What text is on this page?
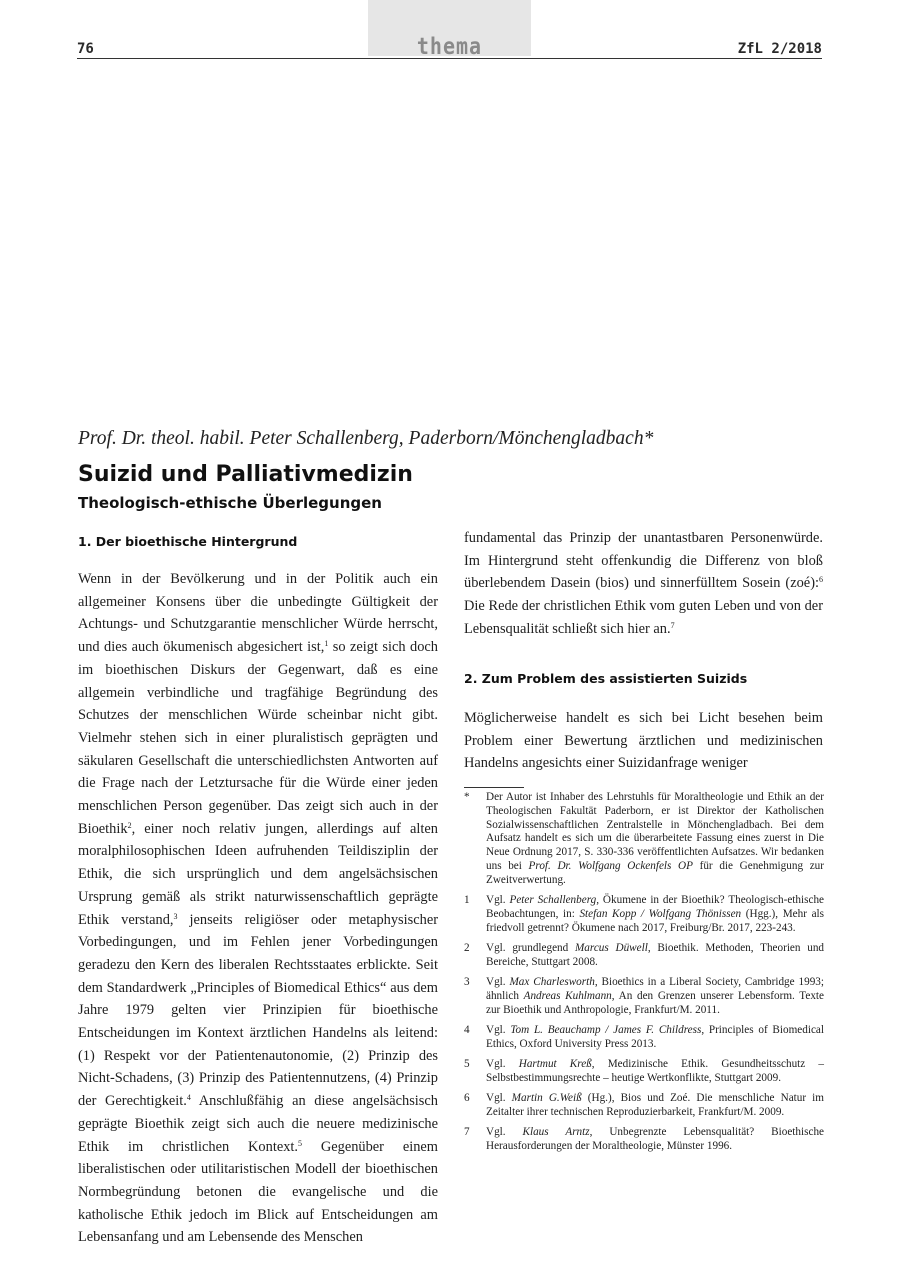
thema
76	ZfL 2/2018
Prof. Dr. theol. habil. Peter Schallenberg, Paderborn/Mönchengladbach*
Suizid und Palliativmedizin
Theologisch-ethische Überlegungen
1. Der bioethische Hintergrund

Wenn in der Bevölkerung und in der Politik auch ein allgemeiner Konsens über die unbedingte Gültigkeit der Achtungs- und Schutzgarantie menschlicher Würde herrscht, und dies auch ökumenisch abgesichert ist,$^1$ so zeigt sich doch im bioethischen Diskurs der Gegenwart, daß es eine allgemein verbindliche und tragfähige Begründung des Schutzes der menschlichen Würde scheinbar nicht gibt. Vielmehr stehen sich in einer pluralistisch geprägten und säkularen Gesellschaft die unterschiedlichsten Antworten auf die Frage nach der Letztursache für die Würde einer jeden menschlichen Person gegenüber. Das zeigt sich auch in der Bioethik$^2$, einer noch relativ jungen, allerdings auf alten moralphilosophischen Ideen aufruhenden Teildisziplin der Ethik, die sich ursprünglich und dem angelsächsischen Ursprung gemäß als strikt naturwissenschaftlich geprägte Ethik verstand,$^3$ jenseits religiöser oder metaphysischer Vorbedingungen, und im Fehlen jener Vorbedingungen geradezu den Kern des liberalen Rechtsstaates erblickte. Seit dem Standardwerk „Principles of Biomedical Ethics“ aus dem Jahre 1979 gelten vier Prinzipien für bioethische Entscheidungen im Kontext ärztlichen Handelns als leitend: (1) Respekt vor der Patientenautonomie, (2) Prinzip des Nicht-Schadens, (3) Prinzip des Patientennutzens, (4) Prinzip der Gerechtigkeit.$^4$ Anschlußfähig an diese angelsächsisch geprägte Bioethik zeigt sich auch die neuere medizinische Ethik im christlichen Kontext.$^5$ Gegenüber einem liberalistischen oder utilitaristischen Modell der bioethischen Normbegründung betonen die evangelische und die katholische Ethik jedoch im Blick auf Entscheidungen am Lebensanfang und am Lebensende des Menschen

fundamental das Prinzip der unantastbaren Personenwürde. Im Hintergrund steht offenkundig die Differenz von bloß überlebendem Dasein (bios) und sinnerfülltem Sosein (zoé):$^6$ Die Rede der christlichen Ethik vom guten Leben und von der Lebensqualität schließt sich hier an.$^7$

2. Zum Problem des assistierten Suizids

Möglicherweise handelt es sich bei Licht besehen beim Problem einer Bewertung ärztlichen und medizinischen Handelns angesichts einer Suizidanfrage weniger

*	Der Autor ist Inhaber des Lehrstuhls für Moraltheologie und Ethik an der Theologischen Fakultät Paderborn, er ist Direktor der Katholischen Sozialwissenschaftlichen Zentralstelle in Mönchengladbach. Bei dem Aufsatz handelt es sich um die überarbeitete Fassung eines zuerst in Die Neue Ordnung 2017, S. 330-336 veröffentlichten Aufsatzes. Wir bedanken uns bei Prof. Dr. Wolfgang Ockenfels OP für die Genehmigung zur Zweitverwertung.
1	Vgl. Peter Schallenberg, Ökumene in der Bioethik? Theologisch-ethische Beobachtungen, in: Stefan Kopp / Wolfgang Thönissen (Hgg.), Mehr als friedvoll getrennt? Ökumene nach 2017, Freiburg/Br. 2017, 223-243.
2	Vgl. grundlegend Marcus Düwell, Bioethik. Methoden, Theorien und Bereiche, Stuttgart 2008.
3	Vgl. Max Charlesworth, Bioethics in a Liberal Society, Cambridge 1993; ähnlich Andreas Kuhlmann, An den Grenzen unserer Lebensform. Texte zur Bioethik und Anthropologie, Frankfurt/M. 2011.
4	Vgl. Tom L. Beauchamp / James F. Childress, Principles of Biomedical Ethics, Oxford University Press 2013.
5	Vgl. Hartmut Kreß, Medizinische Ethik. Gesundheitsschutz – Selbstbestimmungsrechte – heutige Wertkonflikte, Stuttgart 2009.
6	Vgl. Martin G.Weiß (Hg.), Bios und Zoé. Die menschliche Natur im Zeitalter ihrer technischen Reproduzierbarkeit, Frankfurt/M. 2009.
7	Vgl. Klaus Arntz, Unbegrenzte Lebensqualität? Bioethische Herausforderungen der Moraltheologie, Münster 1996.
